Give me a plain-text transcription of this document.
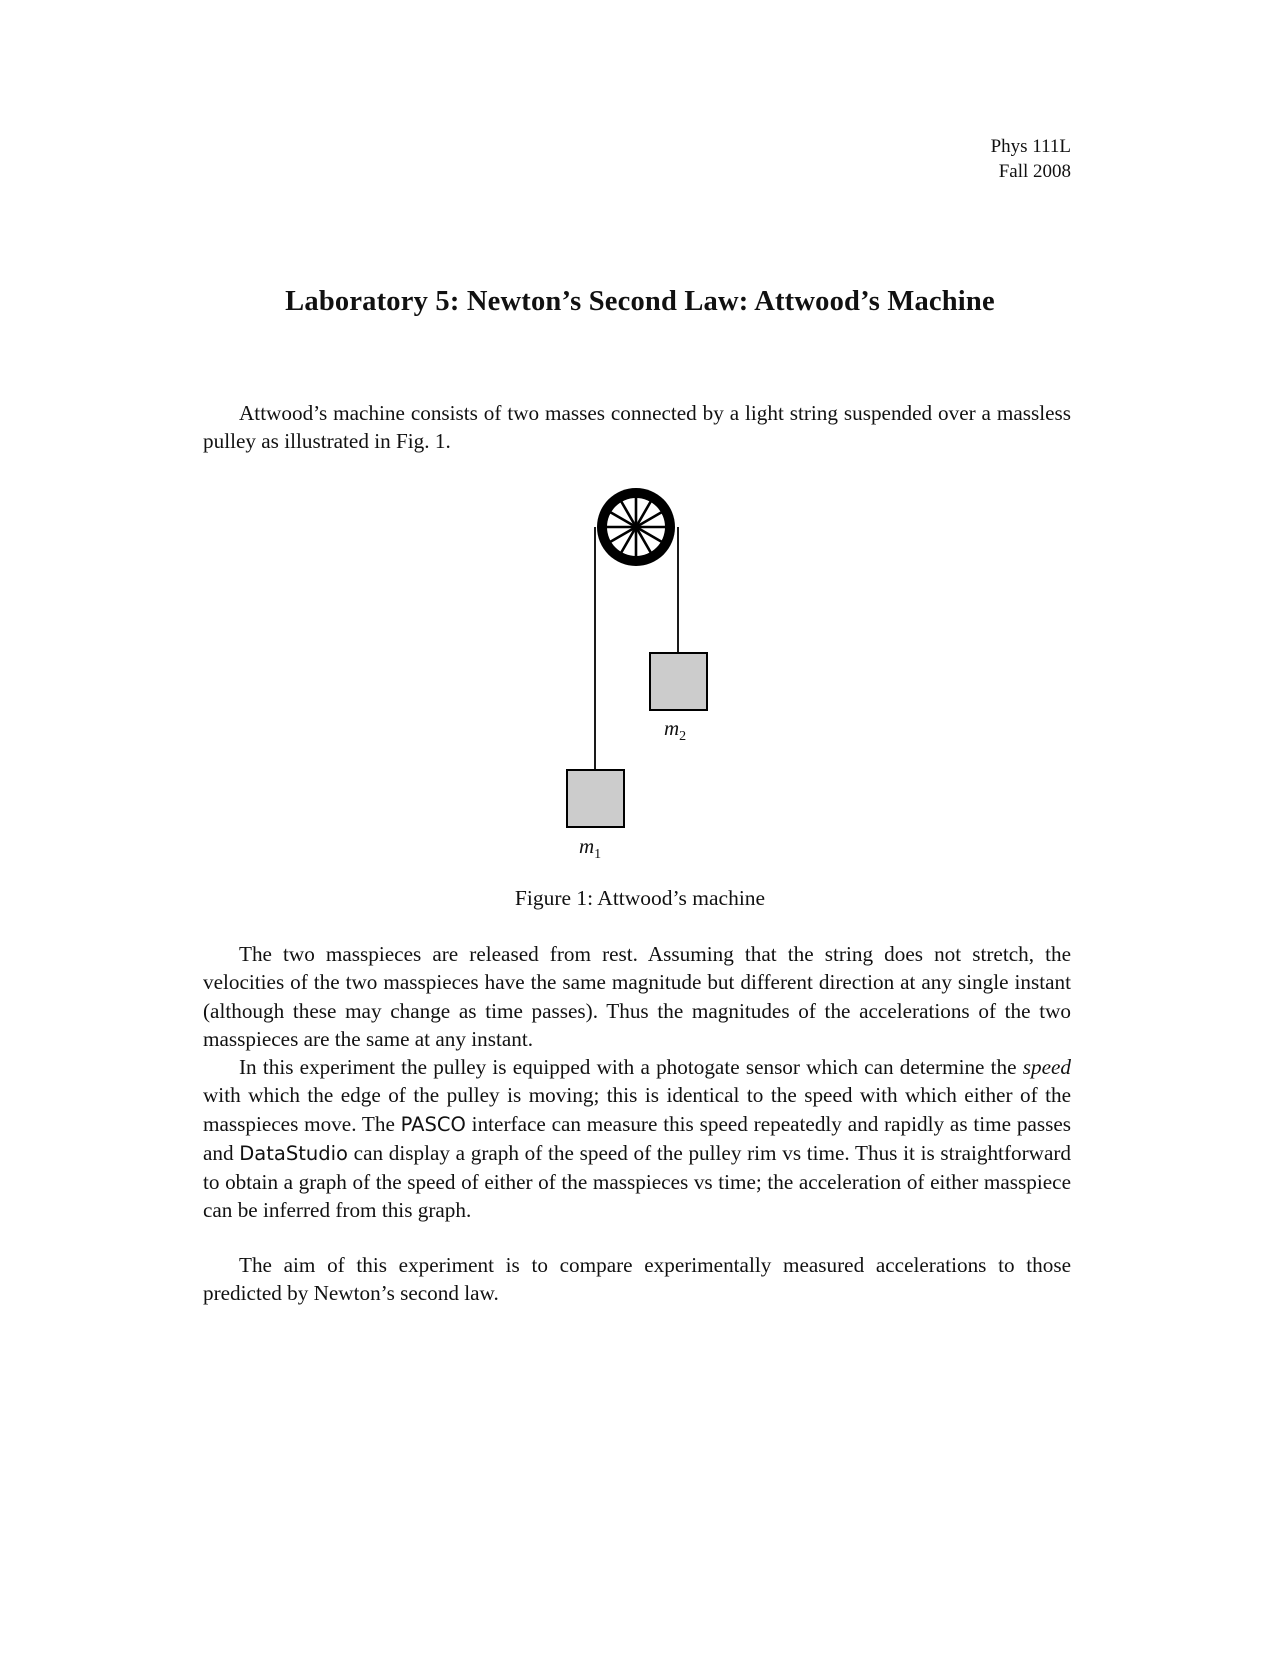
Phys 111L
Fall 2008
Laboratory 5: Newton’s Second Law: Attwood’s Machine

Attwood’s machine consists of two masses connected by a light string suspended over a massless pulley as illustrated in Fig. 1.

$m_2$
$m_1$
Figure 1: Attwood’s machine

The two masspieces are released from rest. Assuming that the string does not stretch, the velocities of the two masspieces have the same magnitude but different direction at any single instant (although these may change as time passes). Thus the magnitudes of the accelerations of the two masspieces are the same at any instant.

In this experiment the pulley is equipped with a photogate sensor which can determine the speed with which the edge of the pulley is moving; this is identical to the speed with which either of the masspieces move. The PASCO interface can measure this speed repeatedly and rapidly as time passes and DataStudio can display a graph of the speed of the pulley rim vs time. Thus it is straightforward to obtain a graph of the speed of either of the masspieces vs time; the acceleration of either masspiece can be inferred from this graph.

The aim of this experiment is to compare experimentally measured accelerations to those predicted by Newton’s second law.
